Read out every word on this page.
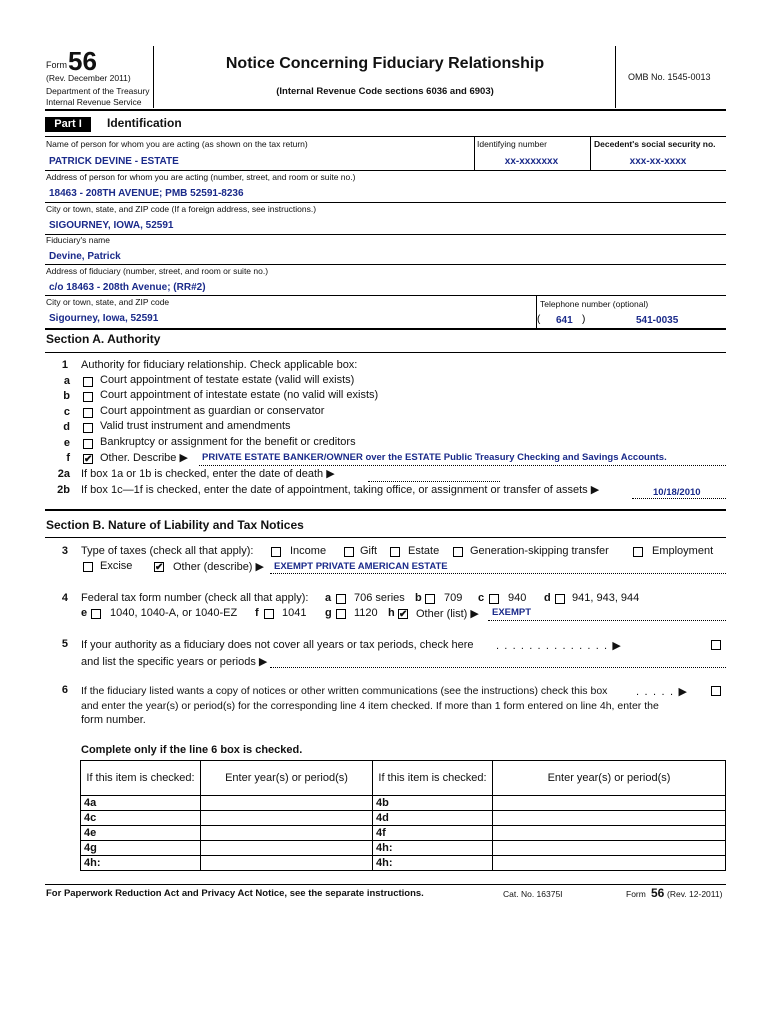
Form 56
(Rev. December 2011)
Department of the Treasury
Internal Revenue Service
Notice Concerning Fiduciary Relationship
(Internal Revenue Code sections 6036 and 6903)
OMB No. 1545-0013
Part I	Identification
Name of person for whom you are acting (as shown on the tax return)
PATRICK DEVINE - ESTATE
Identifying number
xx-xxxxxxx
Decedent's social security no.
xxx-xx-xxxx
Address of person for whom you are acting (number, street, and room or suite no.)
18463 - 208TH AVENUE; PMB 52591-8236
City or town, state, and ZIP code (If a foreign address, see instructions.)
SIGOURNEY, IOWA, 52591
Fiduciary's name
Devine, Patrick
Address of fiduciary (number, street, and room or suite no.)
c/o 18463 - 208th Avenue; (RR#2)
City or town, state, and ZIP code
Sigourney, Iowa, 52591
Telephone number (optional)
( 641 )	541-0035
Section A. Authority
1 Authority for fiduciary relationship. Check applicable box:
a	Court appointment of testate estate (valid will exists)
b	Court appointment of intestate estate (no valid will exists)
c	Court appointment as guardian or conservator
d	Valid trust instrument and amendments
e	Bankruptcy or assignment for the benefit or creditors
f ✔ Other. Describe ▶ PRIVATE ESTATE BANKER/OWNER over the ESTATE Public Treasury Checking and Savings Accounts.
2a If box 1a or 1b is checked, enter the date of death ▶
2b If box 1c—1f is checked, enter the date of appointment, taking office, or assignment or transfer of assets ▶	10/18/2010
Section B. Nature of Liability and Tax Notices
3 Type of taxes (check all that apply):	Income	Gift	Estate	Generation-skipping transfer	Employment
Excise ✔ Other (describe) ▶ EXEMPT PRIVATE AMERICAN ESTATE
4 Federal tax form number (check all that apply): a 706 series b 709 c 940 d 941, 943, 944
e 1040, 1040-A, or 1040-EZ f 1041 g 1120 h ✔ Other (list) ▶ EXEMPT
5 If your authority as a fiduciary does not cover all years or tax periods, check here . . . . . . . . . . . . . . ▶
and list the specific years or periods ▶
6 If the fiduciary listed wants a copy of notices or other written communications (see the instructions) check this box	. . . . . ▶
and enter the year(s) or period(s) for the corresponding line 4 item checked. If more than 1 form entered on line 4h, enter the
form number.
Complete only if the line 6 box is checked.
If this item is checked:	Enter year(s) or period(s)	If this item is checked:	Enter year(s) or period(s)
4a		4b	
4c		4d	
4e		4f	
4g		4h:	
4h:		4h:	
For Paperwork Reduction Act and Privacy Act Notice, see the separate instructions.	Cat. No. 16375I	Form 56 (Rev. 12-2011)
